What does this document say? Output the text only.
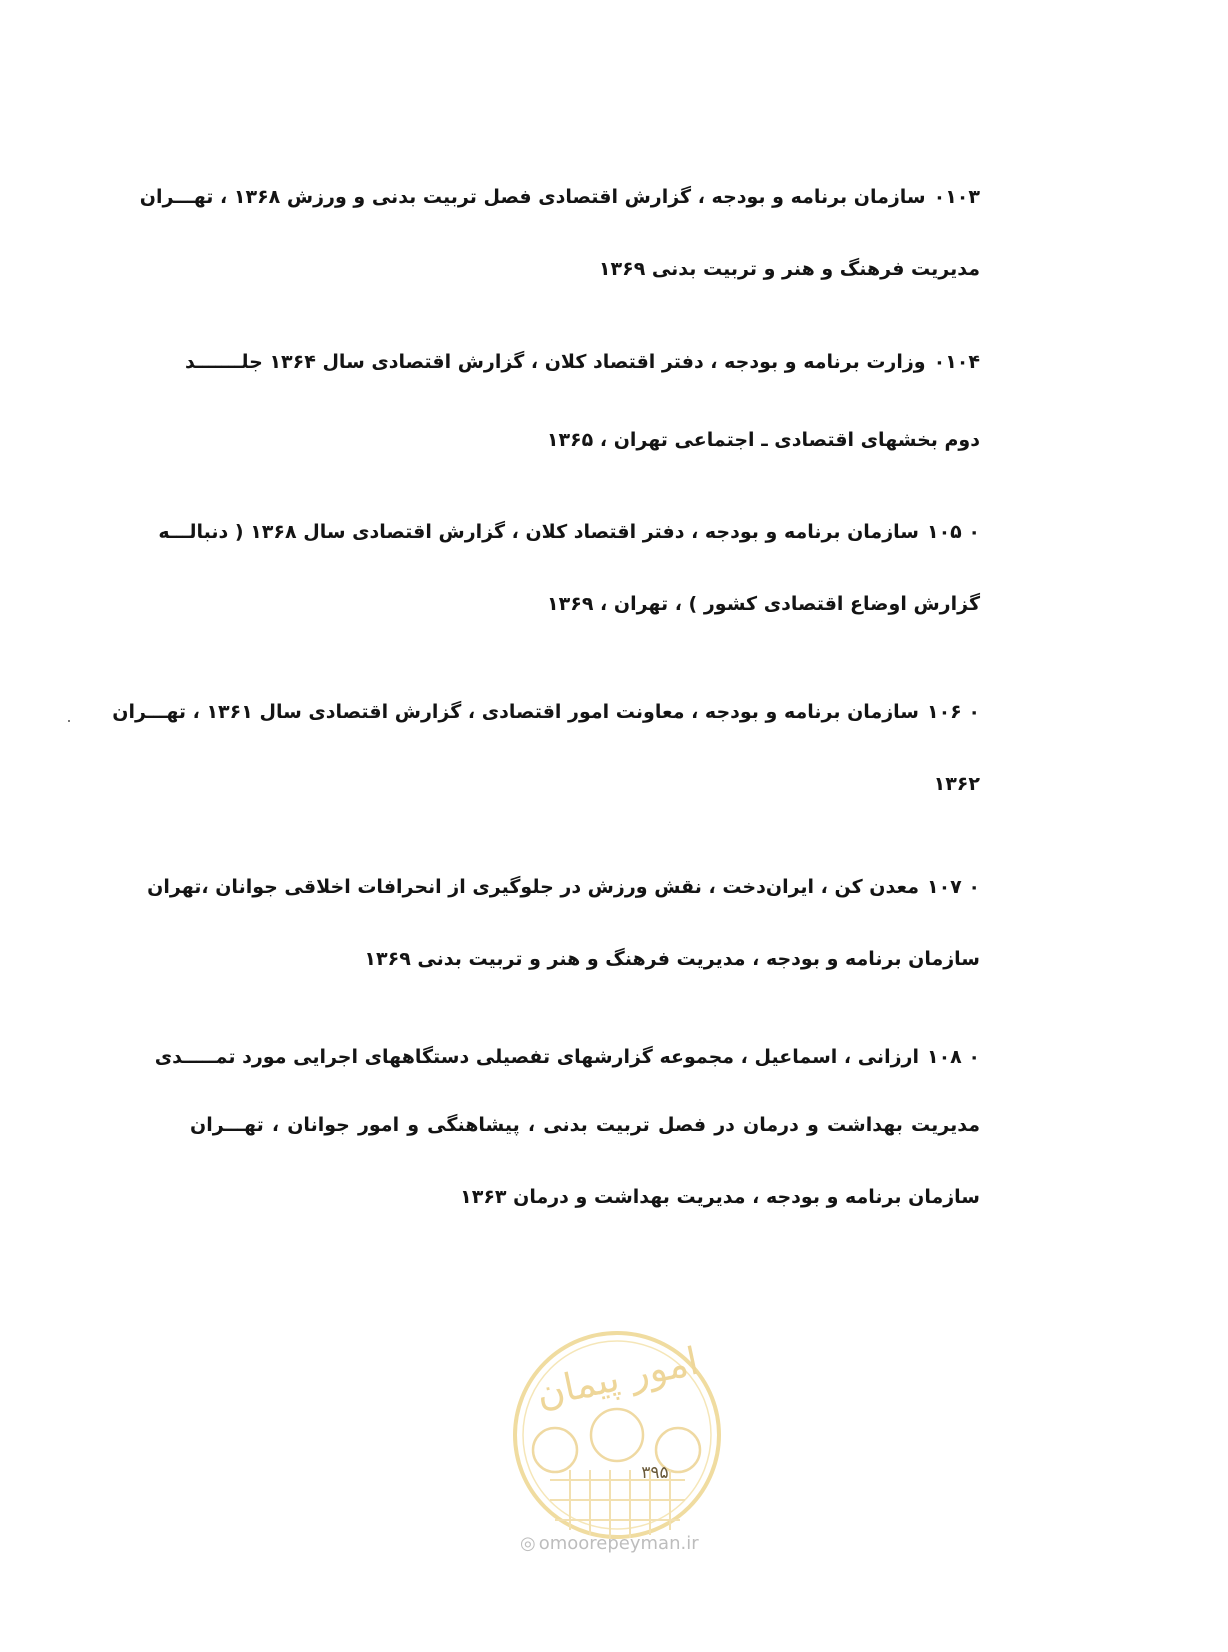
۰۱۰۳سازمان برنامه و بودجه ، گزارش اقتصادی فصل تربیت بدنی و ورزش ۱۳۶۸ ، تهـــران
مدیریت فرهنگ و هنر و تربیت بدنی ۱۳۶۹
۰۱۰۴وزارت برنامه و بودجه ، دفتر اقتصاد کلان ، گزارش اقتصادی سال ۱۳۶۴ جلـــــــد
دوم بخشهای اقتصادی ـ اجتماعی تهران ، ۱۳۶۵
۰ ۱۰۵سازمان برنامه و بودجه ، دفتر اقتصاد کلان ، گزارش اقتصادی سال ۱۳۶۸ ( دنبالـــه
گزارش اوضاع اقتصادی کشور ) ، تهران ، ۱۳۶۹
۰ ۱۰۶سازمان برنامه و بودجه ، معاونت امور اقتصادی ، گزارش اقتصادی سال ۱۳۶۱ ، تهـــران
۱۳۶۲
۰ ۱۰۷معدن کن ، ایران‌دخت ، نقش ورزش در جلوگیری از انحرافات اخلاقی جوانان ،تهران
سازمان برنامه و بودجه ، مدیریت فرهنگ و هنر و تربیت بدنی ۱۳۶۹
۰ ۱۰۸ارزانی ، اسماعیل ، مجموعه گزارشهای تفصیلی دستگاههای اجرایی مورد تمـــــدی
مدیریت بهداشت و درمان در فصل تربیت بدنی ، پیشاهنگی و امور جوانان ، تهـــران
سازمان برنامه و بودجه ، مدیریت بهداشت و درمان ۱۳۶۳
امور پیمان
۳۹۵
◎ omoorepeyman.ir
